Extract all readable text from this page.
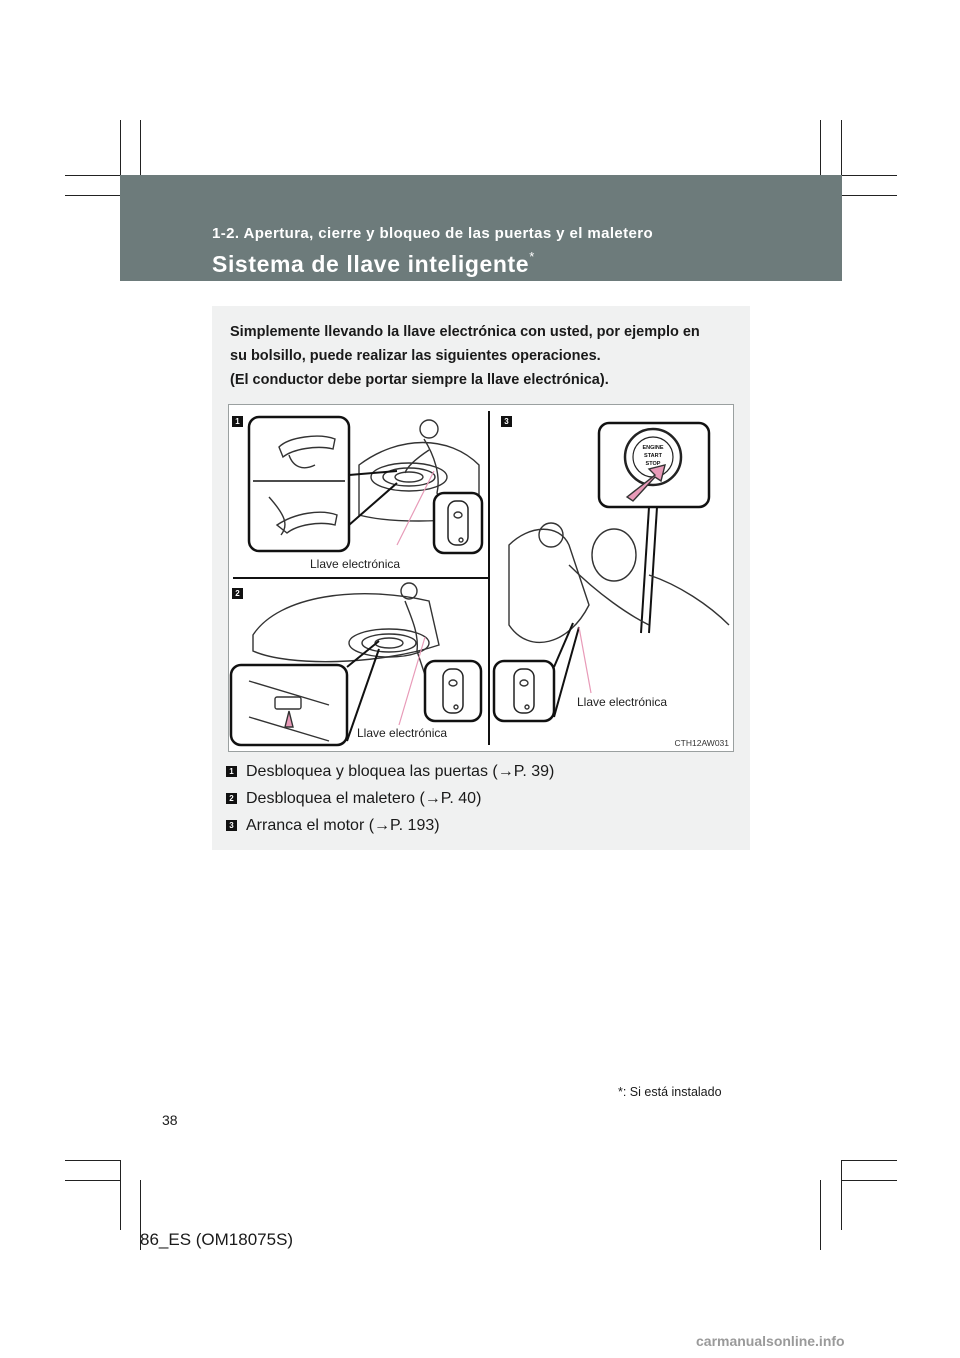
1-2. Apertura, cierre y bloqueo de las puertas y el maletero
Sistema de llave inteligente*
Simplemente llevando la llave electrónica con usted, por ejemplo en
su bolsillo, puede realizar las siguientes operaciones.
(El conductor debe portar siempre la llave electrónica).
ENGINE
START
STOP
1
2
3
Llave electrónica
Llave electrónica
Llave electrónica
CTH12AW031
1 Desbloquea y bloquea las puertas (→P. 39)
2 Desbloquea el maletero (→P. 40)
3 Arranca el motor (→P. 193)
*: Si está instalado
38
86_ES (OM18075S)
carmanualsonline.info
